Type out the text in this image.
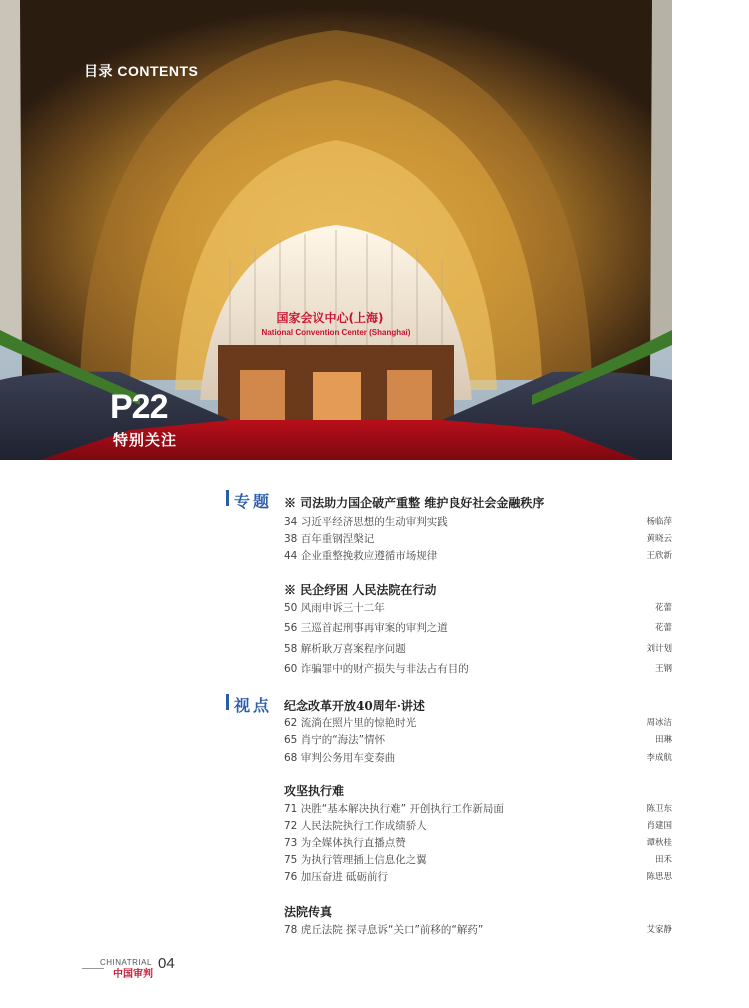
国家会议中心(上海)
National Convention Center (Shanghai)
目录 CONTENTS
P22
特别关注
专题 ※ 司法助力国企破产重整 维护良好社会金融秩序
34 习近平经济思想的生动审判实践	杨临萍
38 百年重钢涅槃记	黄晓云
44 企业重整挽救应遵循市场规律	王欣新
※ 民企纾困 人民法院在行动
50 风雨申诉三十二年	花蕾
56 三巡首起刑事再审案的审判之道	花蕾
58 解析耿万喜案程序问题	刘计划
60 诈骗罪中的财产损失与非法占有目的	王钢
视点 纪念改革开放40周年·讲述
62 流淌在照片里的惊艳时光	周冰洁
65 肖宁的“海法”情怀	田琳
68 审判公务用车变奏曲	李成航
攻坚执行难
71 决胜“基本解决执行难” 开创执行工作新局面	陈卫东
72 人民法院执行工作成绩骄人	肖建国
73 为全媒体执行直播点赞	谭秋桂
75 为执行管理插上信息化之翼	田禾
76 加压奋进 砥砺前行	陈思思
法院传真
78 虎丘法院 探寻息诉“关口”前移的“解药”	艾家静
CHINATRIAL
中国审判
04
